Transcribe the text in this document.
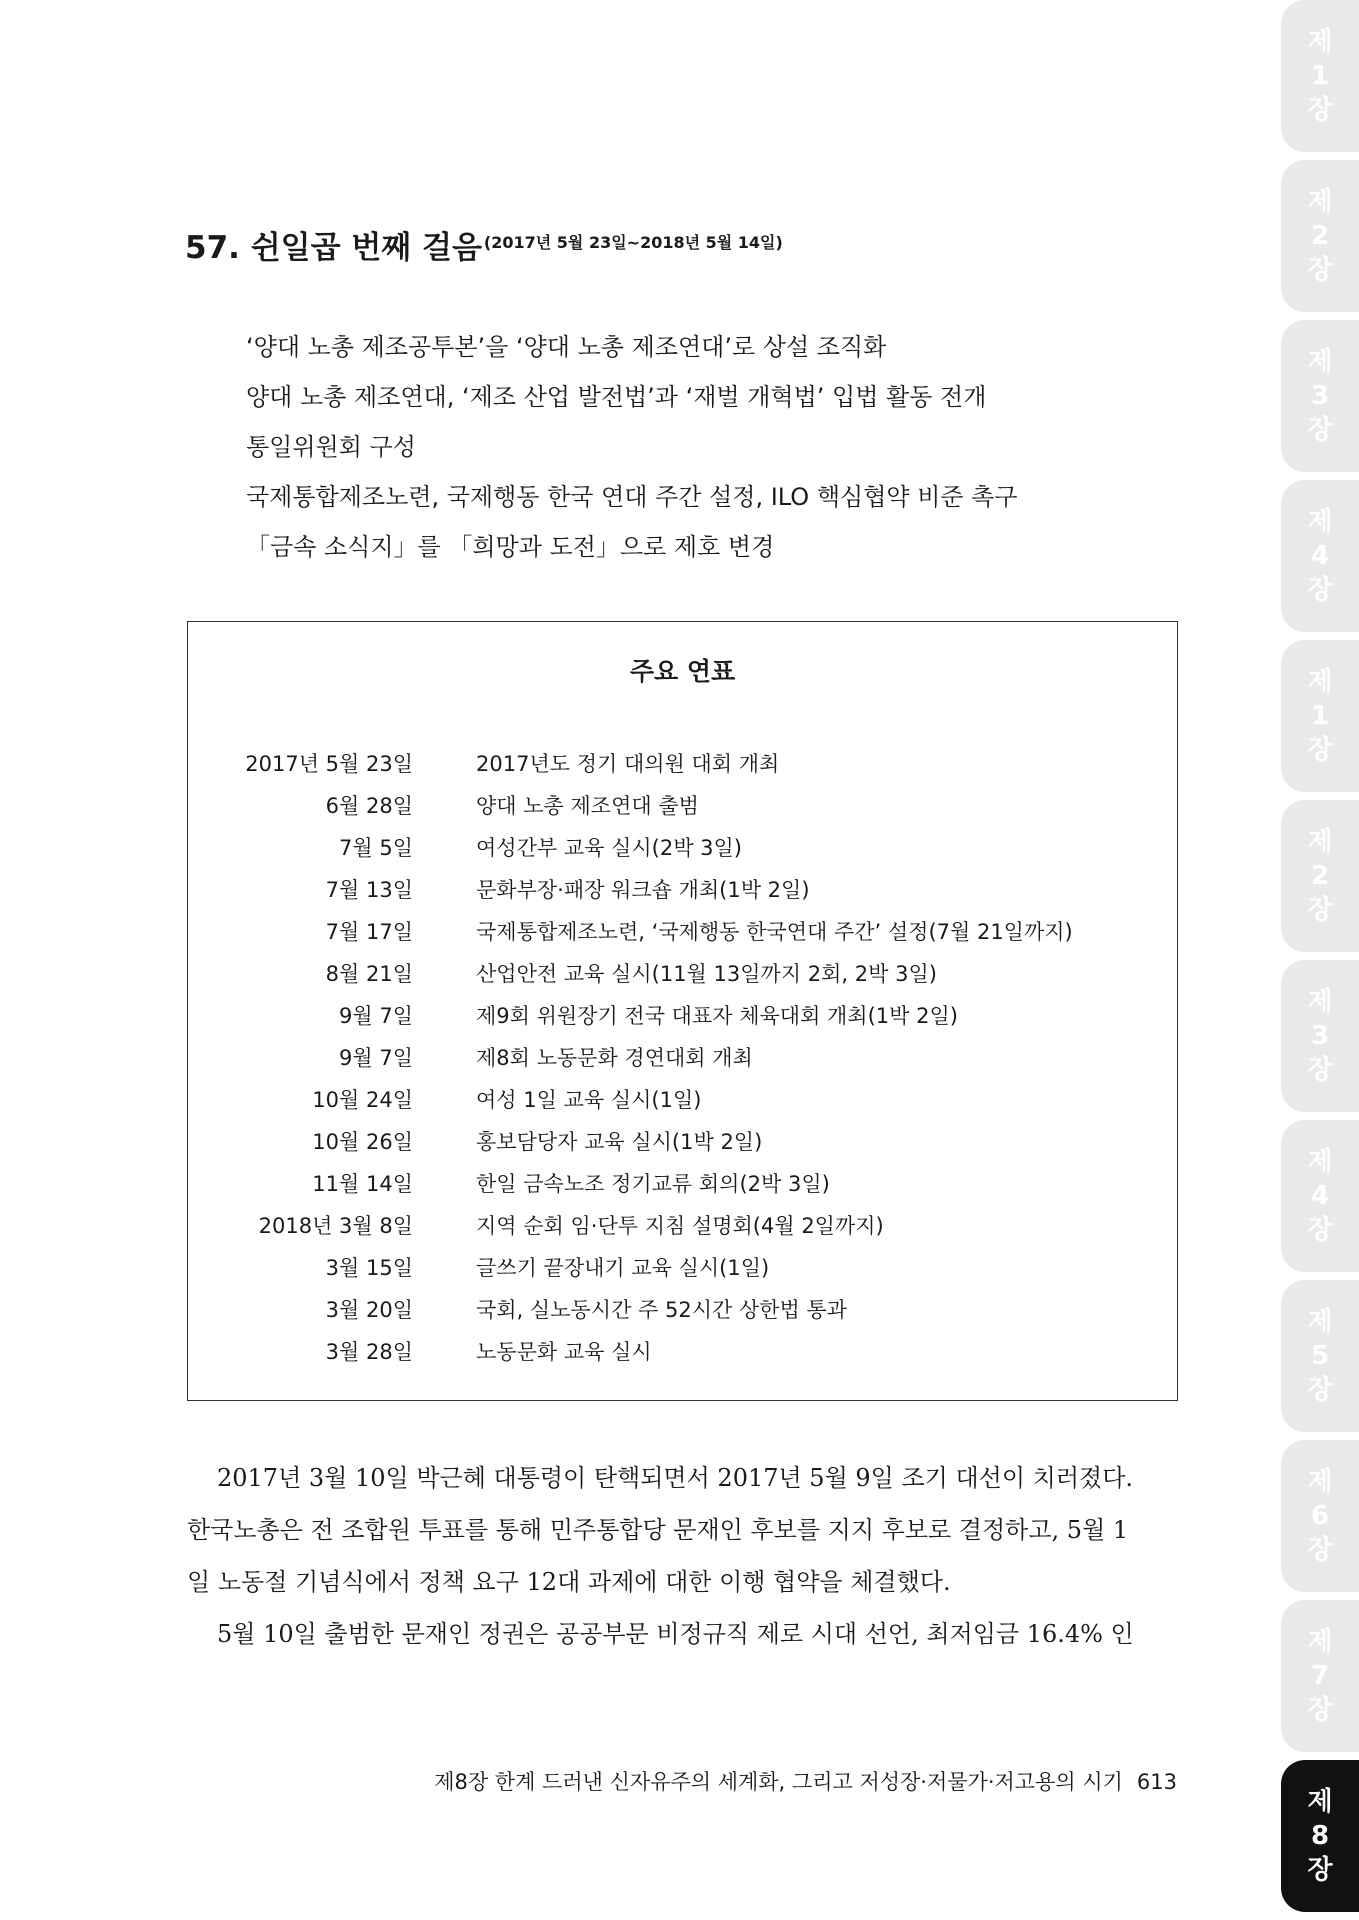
제
1
장
제
2
장
제
3
장
제
4
장
제
1
장
제
2
장
제
3
장
제
4
장
제
5
장
제
6
장
제
7
장
제
8
장
57. 쉰일곱 번째 걸음 $^{(2017년 5월 23일\sim 2018년 5월 14일)}$
‘양대 노총 제조공투본’을 ‘양대 노총 제조연대’로 상설 조직화
양대 노총 제조연대, ‘제조 산업 발전법’과 ‘재벌 개혁법’ 입법 활동 전개
통일위원회 구성
국제통합제조노련, 국제행동 한국 연대 주간 설정, ILO 핵심협약 비준 촉구
「금속 소식지」를 「희망과 도전」으로 제호 변경
주요 연표
2017년 5월 23일	2017년도 정기 대의원 대회 개최
6월 28일	양대 노총 제조연대 출범
7월 5일	여성간부 교육 실시(2박 3일)
7월 13일	문화부장·패장 워크숍 개최(1박 2일)
7월 17일	국제통합제조노련, ‘국제행동 한국연대 주간’ 설정(7월 21일까지)
8월 21일	산업안전 교육 실시(11월 13일까지 2회, 2박 3일)
9월 7일	제9회 위원장기 전국 대표자 체육대회 개최(1박 2일)
9월 7일	제8회 노동문화 경연대회 개최
10월 24일	여성 1일 교육 실시(1일)
10월 26일	홍보담당자 교육 실시(1박 2일)
11월 14일	한일 금속노조 정기교류 회의(2박 3일)
2018년 3월 8일	지역 순회 임·단투 지침 설명회(4월 2일까지)
3월 15일	글쓰기 끝장내기 교육 실시(1일)
3월 20일	국회, 실노동시간 주 52시간 상한법 통과
3월 28일	노동문화 교육 실시
2017년 3월 10일 박근혜 대통령이 탄핵되면서 2017년 5월 9일 조기 대선이 치러졌다.
한국노총은 전 조합원 투표를 통해 민주통합당 문재인 후보를 지지 후보로 결정하고, 5월 1
일 노동절 기념식에서 정책 요구 12대 과제에 대한 이행 협약을 체결했다.
5월 10일 출범한 문재인 정권은 공공부문 비정규직 제로 시대 선언, 최저임금 16.4% 인
제8장 한계 드러낸 신자유주의 세계화, 그리고 저성장·저물가·저고용의 시기 613
